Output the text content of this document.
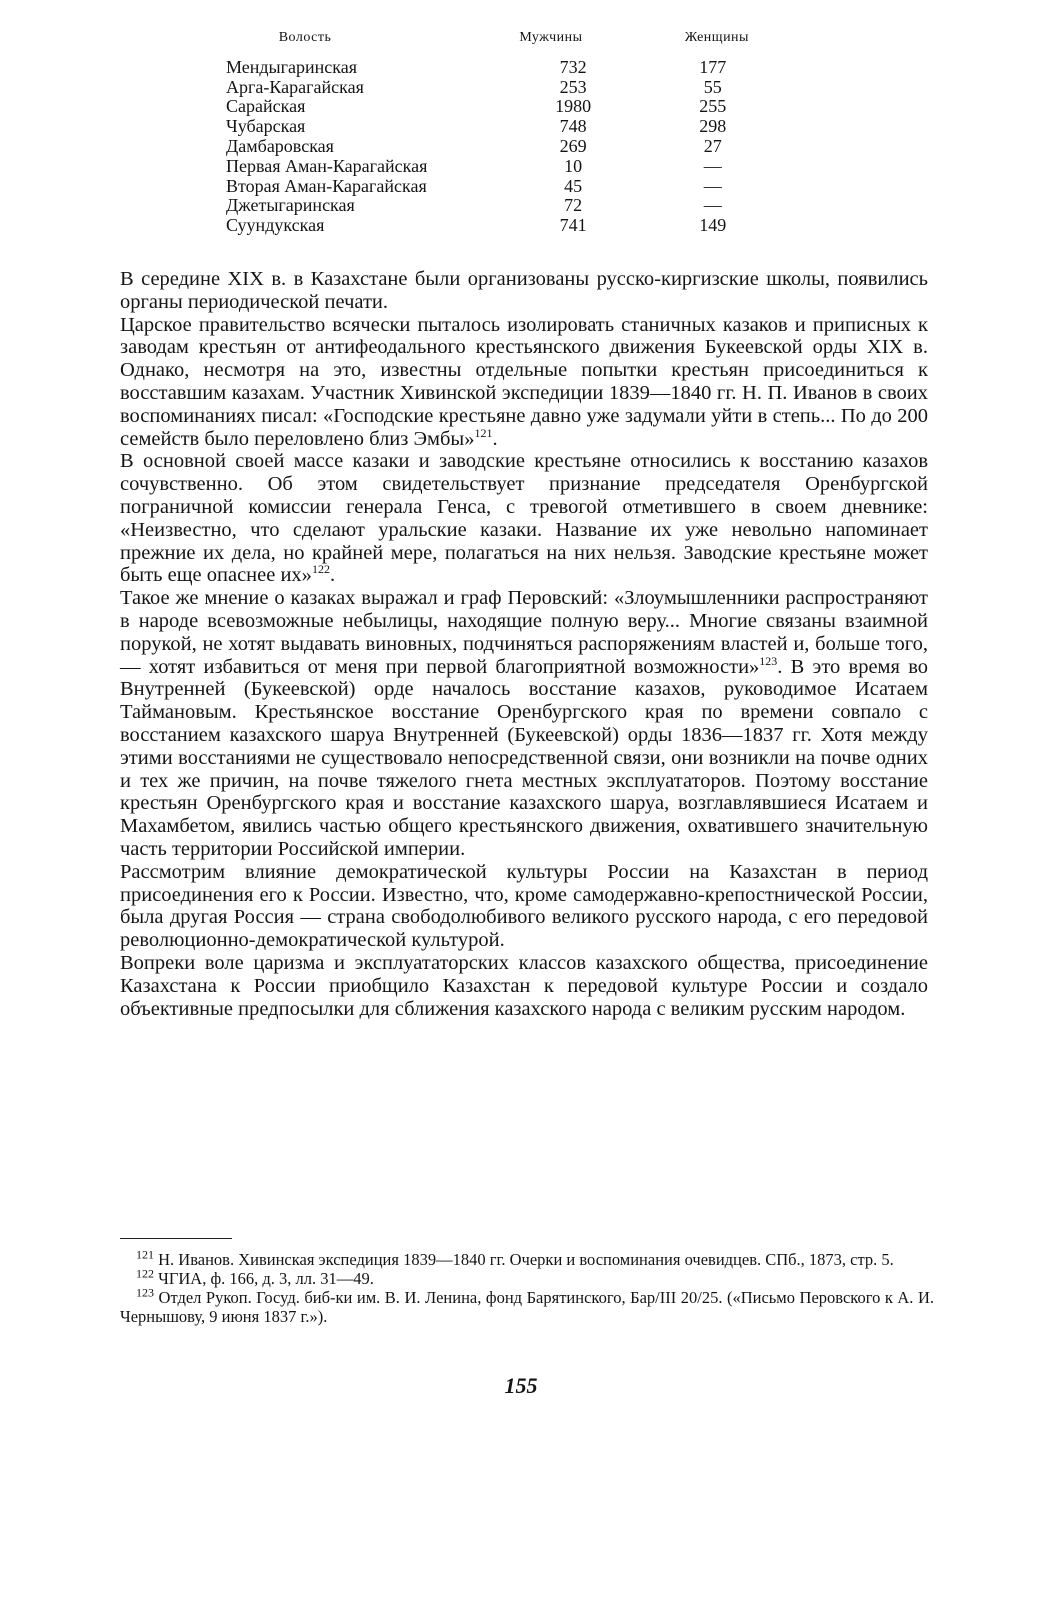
Волость	Мужчины	Женщины
Мендыгаринская	732	177
Арга-Карагайская	253	55
Сарайская	1980	255
Чубарская	748	298
Дамбаровская	269	27
Первая Аман-Карагайская	10	—
Вторая Аман-Карагайская	45	—
Джетыгаринская	72	—
Суундукская	741	149

В середине XIX в. в Казахстане были организованы русско-киргизские школы, появились органы периодической печати.

Царское правительство всячески пыталось изолировать станичных казаков и приписных к заводам крестьян от антифеодального крестьянского движения Букеевской орды XIX в. Однако, несмотря на это, известны отдельные попытки крестьян присоединиться к восставшим казахам. Участник Хивинской экспедиции 1839—1840 гг. Н. П. Иванов в своих воспоминаниях писал: «Господские крестьяне давно уже задумали уйти в степь... По до 200 семейств было переловлено близ Эмбы»$^{121}$.

В основной своей массе казаки и заводские крестьяне относились к восстанию казахов сочувственно. Об этом свидетельствует признание председателя Оренбургской пограничной комиссии генерала Генса, с тревогой отметившего в своем дневнике: «Неизвестно, что сделают уральские казаки. Название их уже невольно напоминает прежние их дела, но крайней мере, полагаться на них нельзя. Заводские крестьяне может быть еще опаснее их»$^{122}$.

Такое же мнение о казаках выражал и граф Перовский: «Злоумышленники распространяют в народе всевозможные небылицы, находящие полную веру... Многие связаны взаимной порукой, не хотят выдавать виновных, подчиняться распоряжениям властей и, больше того,— хотят избавиться от меня при первой благоприятной возможности»$^{123}$. В это время во Внутренней (Букеевской) орде началось восстание казахов, руководимое Исатаем Таймановым. Крестьянское восстание Оренбургского края по времени совпало с восстанием казахского шаруа Внутренней (Букеевской) орды 1836—1837 гг. Хотя между этими восстаниями не существовало непосредственной связи, они возникли на почве одних и тех же причин, на почве тяжелого гнета местных эксплуататоров. Поэтому восстание крестьян Оренбургского края и восстание казахского шаруа, возглавлявшиеся Исатаем и Махамбетом, явились частью общего крестьянского движения, охватившего значительную часть территории Российской империи.

Рассмотрим влияние демократической культуры России на Казахстан в период присоединения его к России. Известно, что, кроме самодержавно-крепостнической России, была другая Россия — страна свободолюбивого великого русского народа, с его передовой революционно-демократической культурой.

Вопреки воле царизма и эксплуататорских классов казахского общества, присоединение Казахстана к России приобщило Казахстан к передовой культуре России и создало объективные предпосылки для сближения казахского народа с великим русским народом.

$^{121}$ Н. Иванов. Хивинская экспедиция 1839—1840 гг. Очерки и воспоминания очевидцев. СПб., 1873, стр. 5.

$^{122}$ ЧГИА, ф. 166, д. 3, лл. 31—49.

$^{123}$ Отдел Рукоп. Госуд. биб-ки им. В. И. Ленина, фонд Барятинского, Бар/III 20/25. («Письмо Перовского к А. И. Чернышову, 9 июня 1837 г.»).

155
